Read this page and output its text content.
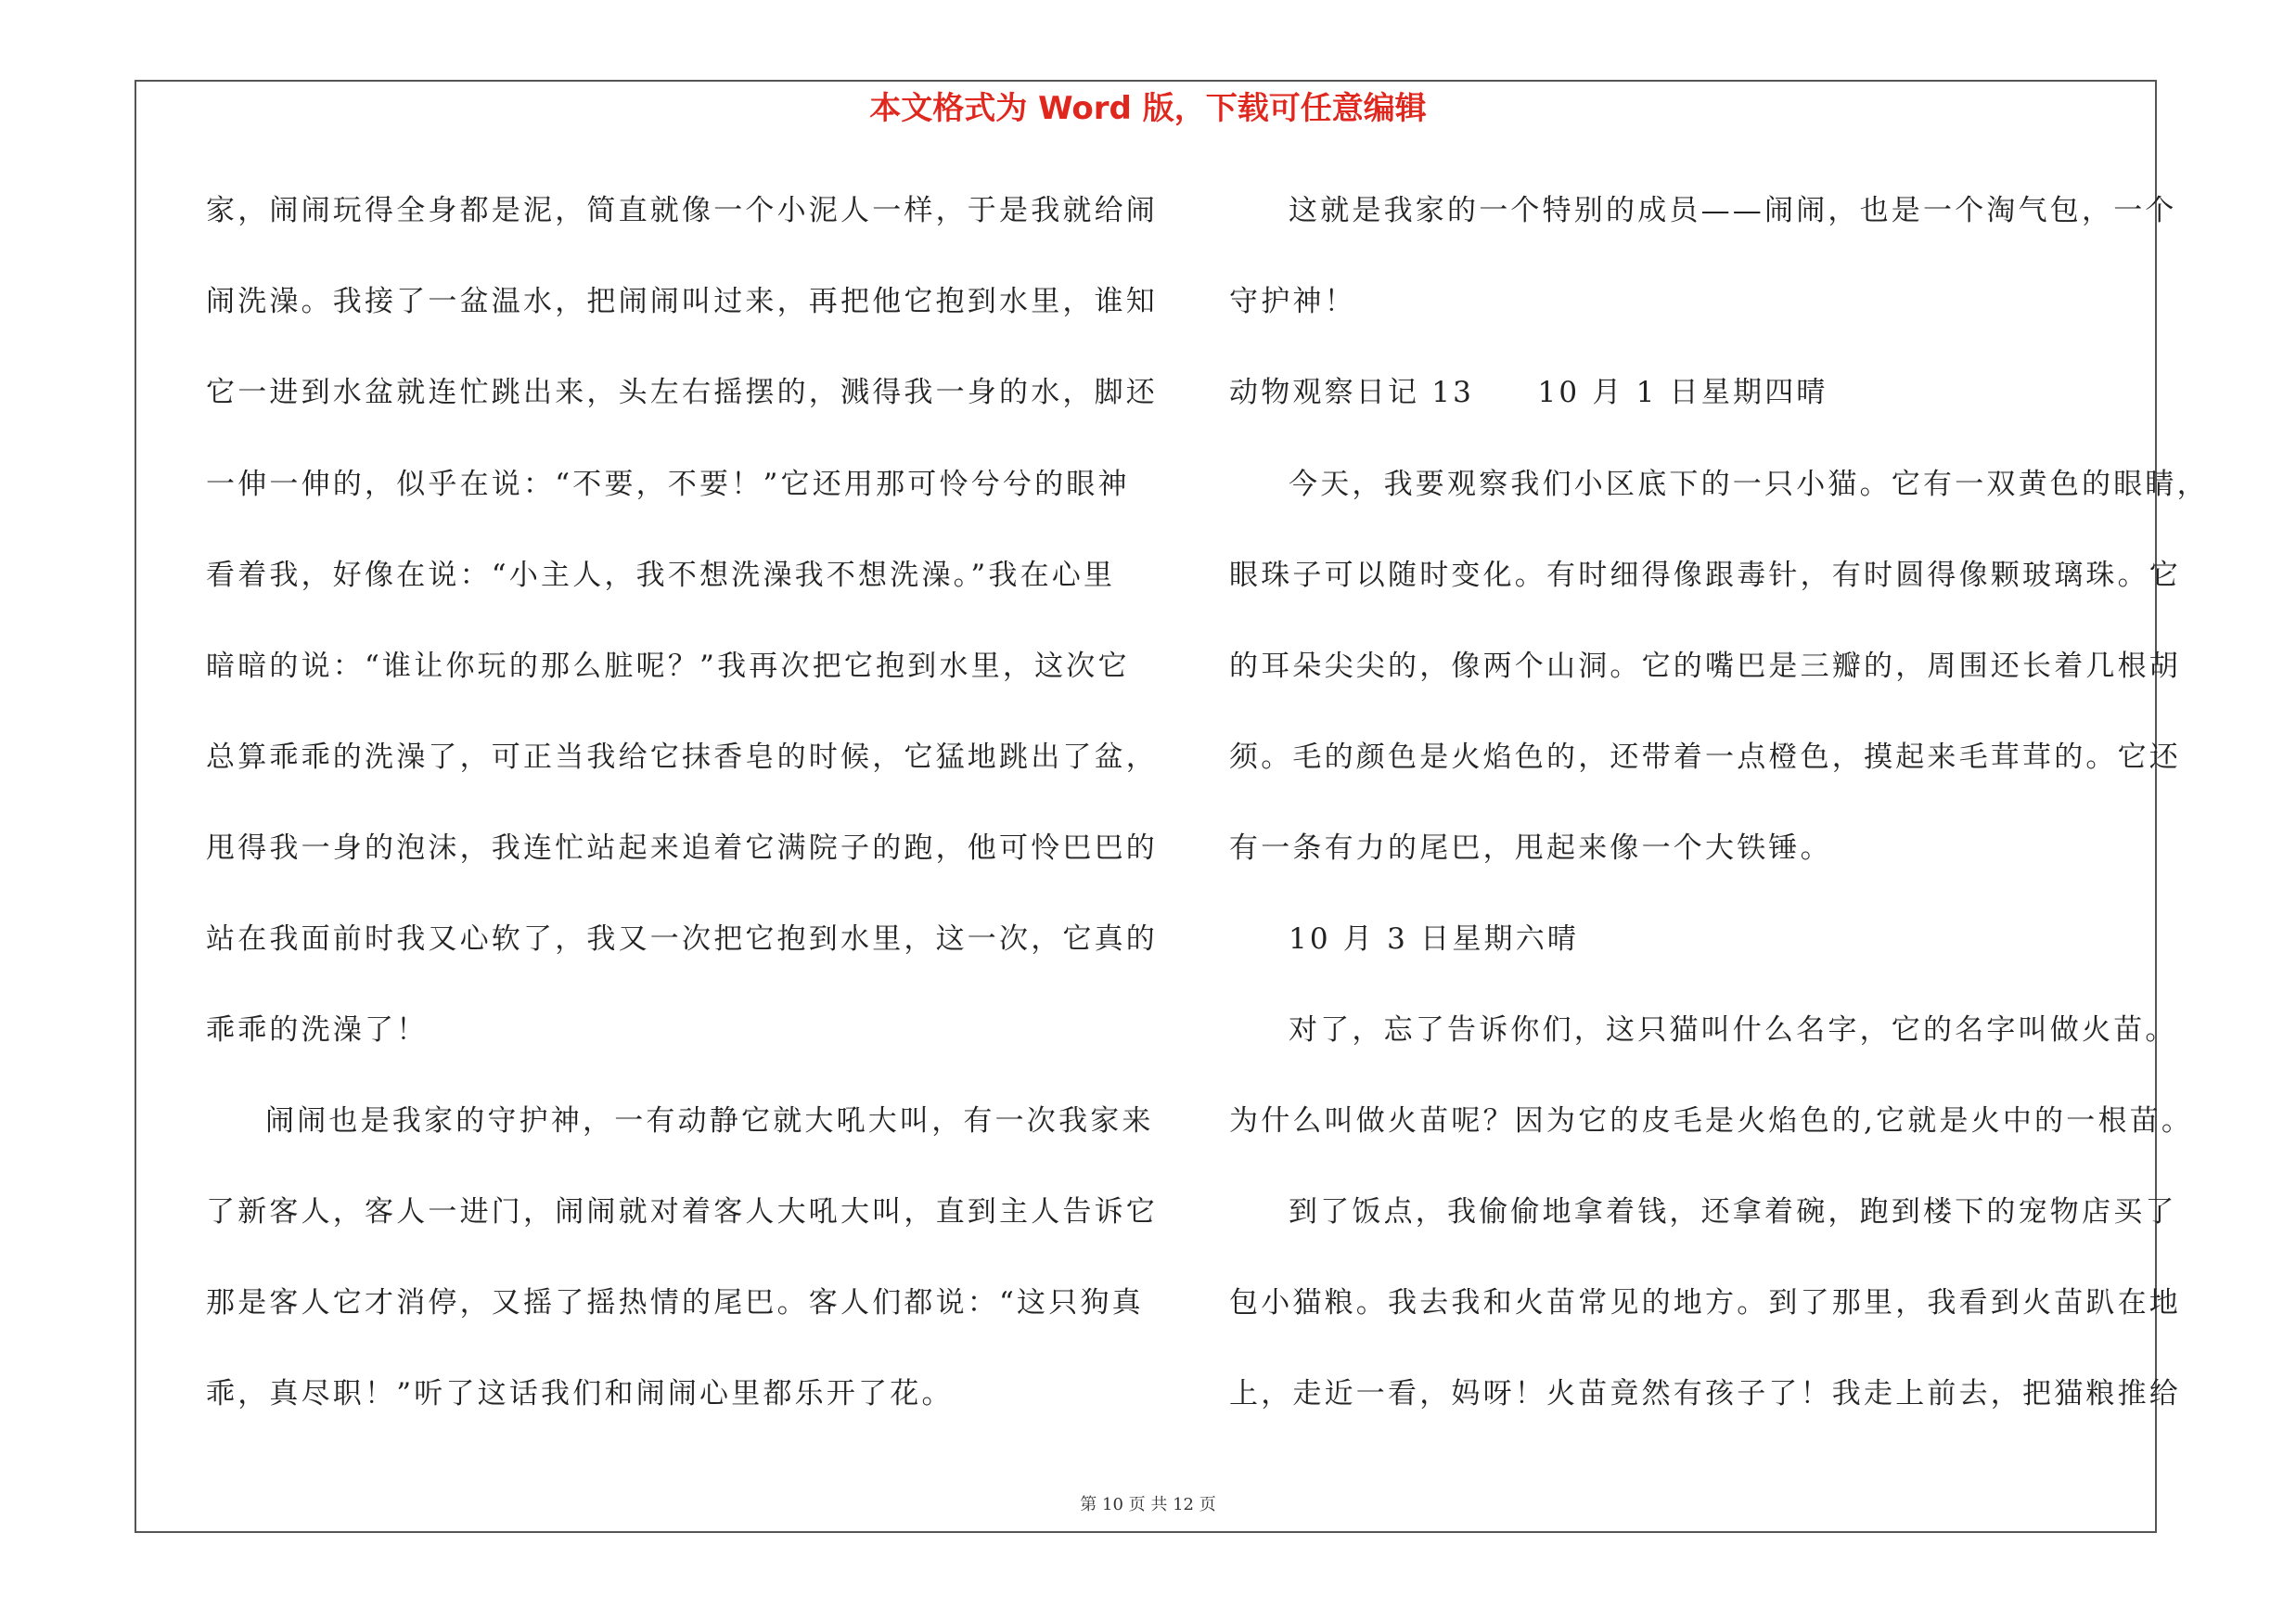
本文格式为 Word 版，下载可任意编辑

家，闹闹玩得全身都是泥，简直就像一个小泥人一样，于是我就给闹

闹洗澡。我接了一盆温水，把闹闹叫过来，再把他它抱到水里，谁知

它一进到水盆就连忙跳出来，头左右摇摆的，溅得我一身的水，脚还

一伸一伸的，似乎在说：“不要，不要！”它还用那可怜兮兮的眼神

看着我，好像在说：“小主人，我不想洗澡我不想洗澡。”我在心里

暗暗的说：“谁让你玩的那么脏呢？”我再次把它抱到水里，这次它

总算乖乖的洗澡了，可正当我给它抹香皂的时候，它猛地跳出了盆，

甩得我一身的泡沫，我连忙站起来追着它满院子的跑，他可怜巴巴的

站在我面前时我又心软了，我又一次把它抱到水里，这一次，它真的

乖乖的洗澡了！

闹闹也是我家的守护神，一有动静它就大吼大叫，有一次我家来

了新客人，客人一进门，闹闹就对着客人大吼大叫，直到主人告诉它

那是客人它才消停，又摇了摇热情的尾巴。客人们都说：“这只狗真

乖，真尽职！”听了这话我们和闹闹心里都乐开了花。

这就是我家的一个特别的成员——闹闹，也是一个淘气包，一个

守护神！

动物观察日记 13　　10 月 1 日星期四晴

今天，我要观察我们小区底下的一只小猫。它有一双黄色的眼睛，

眼珠子可以随时变化。有时细得像跟毒针，有时圆得像颗玻璃珠。它

的耳朵尖尖的，像两个山洞。它的嘴巴是三瓣的，周围还长着几根胡

须。毛的颜色是火焰色的，还带着一点橙色，摸起来毛茸茸的。它还

有一条有力的尾巴，甩起来像一个大铁锤。

10 月 3 日星期六晴

对了，忘了告诉你们，这只猫叫什么名字，它的名字叫做火苗。

为什么叫做火苗呢？因为它的皮毛是火焰色的,它就是火中的一根苗。

到了饭点，我偷偷地拿着钱，还拿着碗，跑到楼下的宠物店买了

包小猫粮。我去我和火苗常见的地方。到了那里，我看到火苗趴在地

上，走近一看，妈呀！火苗竟然有孩子了！我走上前去，把猫粮推给

第 10 页 共 12 页
